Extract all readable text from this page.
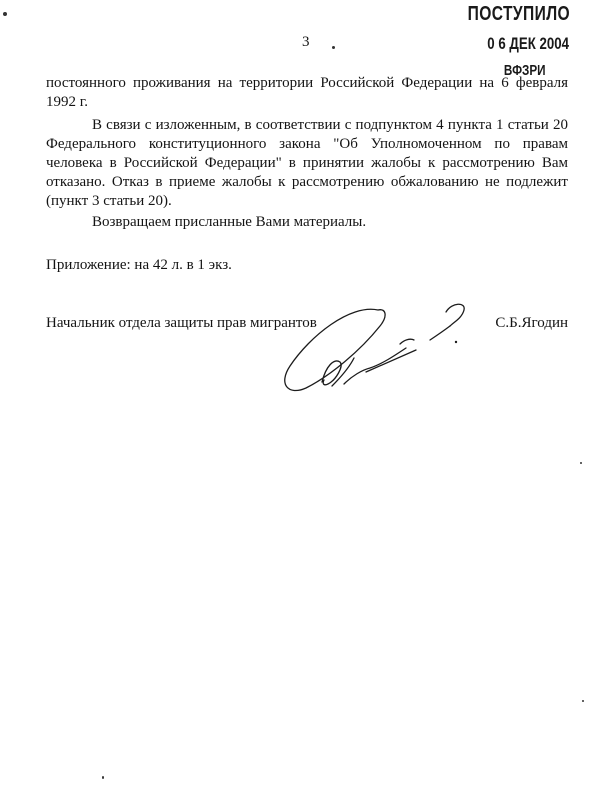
ПОСТУПИЛО
0 6 ДЕК 2004
ВФЗРИ
3

постоянного проживания на территории Российской Федерации на 6 февраля 1992 г.

В связи с изложенным, в соответствии с подпунктом 4 пункта 1 статьи 20 Федерального конституционного закона "Об Уполномоченном по правам человека в Российской Федерации" в принятии жалобы к рассмотрению Вам отказано. Отказ в приеме жалобы к рассмотрению обжалованию не подлежит (пункт 3 статьи 20).

Возвращаем присланные Вами материалы.

Приложение: на 42 л. в 1 экз.

Начальник отдела защиты прав мигрантов	С.Б.Ягодин
